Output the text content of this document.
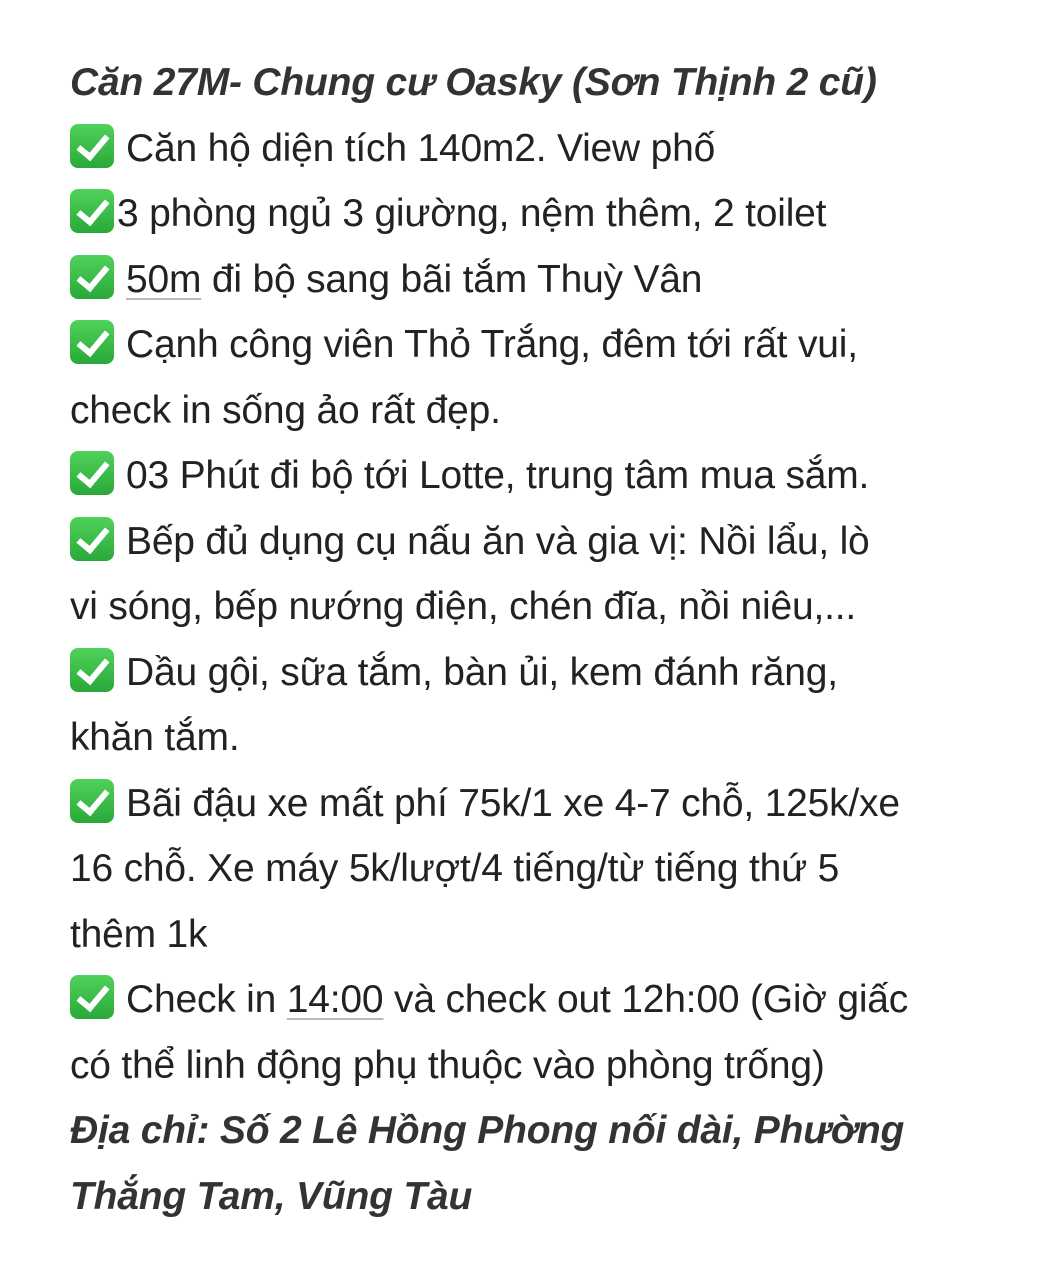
Căn 27M- Chung cư Oasky (Sơn Thịnh 2 cũ)
Căn hộ diện tích 140m2. View phố
3 phòng ngủ 3 giường, nệm thêm, 2 toilet
50m đi bộ sang bãi tắm Thuỳ Vân
Cạnh công viên Thỏ Trắng, đêm tới rất vui,
check in sống ảo rất đẹp.
03 Phút đi bộ tới Lotte, trung tâm mua sắm.
Bếp đủ dụng cụ nấu ăn và gia vị: Nồi lẩu, lò
vi sóng, bếp nướng điện, chén đĩa, nồi niêu,...
Dầu gội, sữa tắm, bàn ủi, kem đánh răng,
khăn tắm.
Bãi đậu xe mất phí 75k/1 xe 4-7 chỗ, 125k/xe
16 chỗ. Xe máy 5k/lượt/4 tiếng/từ tiếng thứ 5
thêm 1k
Check in 14:00 và check out 12h:00 (Giờ giấc
có thể linh động phụ thuộc vào phòng trống)
Địa chỉ: Số 2 Lê Hồng Phong nối dài, Phường
Thắng Tam, Vũng Tàu
